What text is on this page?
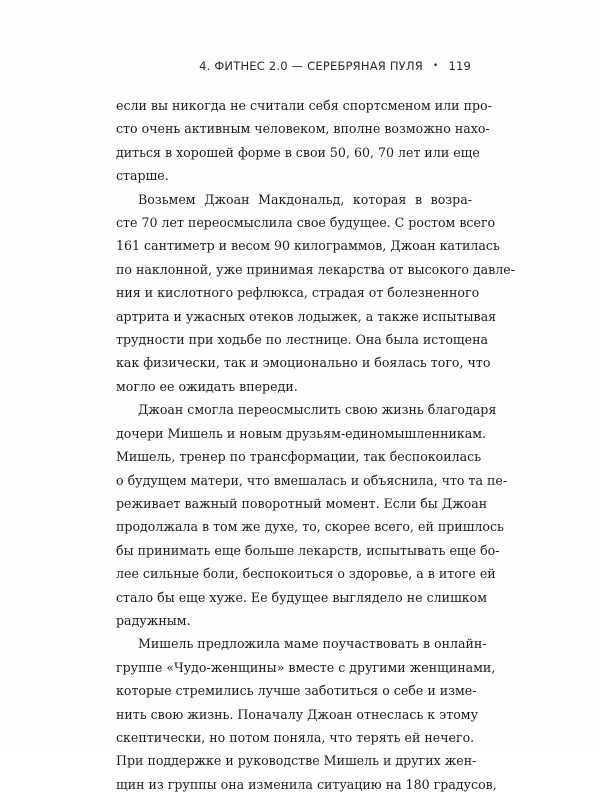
4. ФИТНЕС 2.0 — СЕРЕБРЯНАЯ ПУЛЯ • 119

если вы никогда не считали себя спортсменом или про-
сто очень активным человеком, вполне возможно нахо-
диться в хорошей форме в свои 50, 60, 70 лет или еще
старше.

Возьмем Джоан Макдональд, которая в возра-
сте 70 лет переосмыслила свое будущее. С ростом всего
161 сантиметр и весом 90 килограммов, Джоан катилась
по наклонной, уже принимая лекарства от высокого давле-
ния и кислотного рефлюкса, страдая от болезненного
артрита и ужасных отеков лодыжек, а также испытывая
трудности при ходьбе по лестнице. Она была истощена
как физически, так и эмоционально и боялась того, что
могло ее ожидать впереди.

Джоан смогла переосмыслить свою жизнь благодаря
дочери Мишель и новым друзьям-единомышленникам.
Мишель, тренер по трансформации, так беспокоилась
о будущем матери, что вмешалась и объяснила, что та пе-
реживает важный поворотный момент. Если бы Джоан
продолжала в том же духе, то, скорее всего, ей пришлось
бы принимать еще больше лекарств, испытывать еще бо-
лее сильные боли, беспокоиться о здоровье, а в итоге ей
стало бы еще хуже. Ее будущее выглядело не слишком
радужным.

Мишель предложила маме поучаствовать в онлайн-
группе «Чудо-женщины» вместе с другими женщинами,
которые стремились лучше заботиться о себе и изме-
нить свою жизнь. Поначалу Джоан отнеслась к этому
скептически, но потом поняла, что терять ей нечего.
При поддержке и руководстве Мишель и других жен-
щин из группы она изменила ситуацию на 180 градусов,
